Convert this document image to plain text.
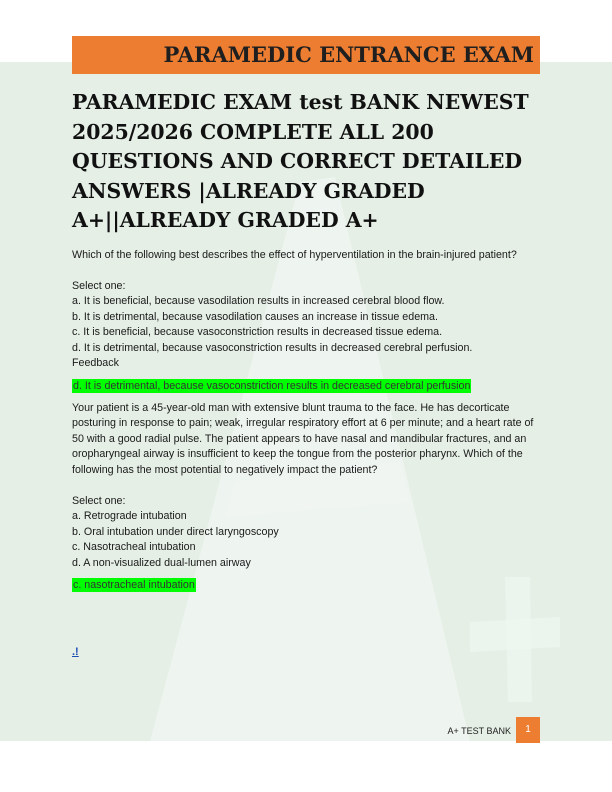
PARAMEDIC ENTRANCE EXAM
PARAMEDIC EXAM test BANK NEWEST 2025/2026 COMPLETE ALL 200 QUESTIONS AND CORRECT DETAILED ANSWERS |ALREADY GRADED A+||ALREADY GRADED A+

Which of the following best describes the effect of hyperventilation in the brain-injured patient?

Select one:

a. It is beneficial, because vasodilation results in increased cerebral blood flow.

b. It is detrimental, because vasodilation causes an increase in tissue edema.

c. It is beneficial, because vasoconstriction results in decreased tissue edema.

d. It is detrimental, because vasoconstriction results in decreased cerebral perfusion.

Feedback

d. It is detrimental, because vasoconstriction results in decreased cerebral perfusion

Your patient is a 45-year-old man with extensive blunt trauma to the face. He has decorticate posturing in response to pain; weak, irregular respiratory effort at 6 per minute; and a heart rate of 50 with a good radial pulse. The patient appears to have nasal and mandibular fractures, and an oropharyngeal airway is insufficient to keep the tongue from the posterior pharynx. Which of the following has the most potential to negatively impact the patient?

Select one:

a. Retrograde intubation

b. Oral intubation under direct laryngoscopy

c. Nasotracheal intubation

d. A non-visualized dual-lumen airway

c. nasotracheal intubation
.!
A+ TEST BANK	1
